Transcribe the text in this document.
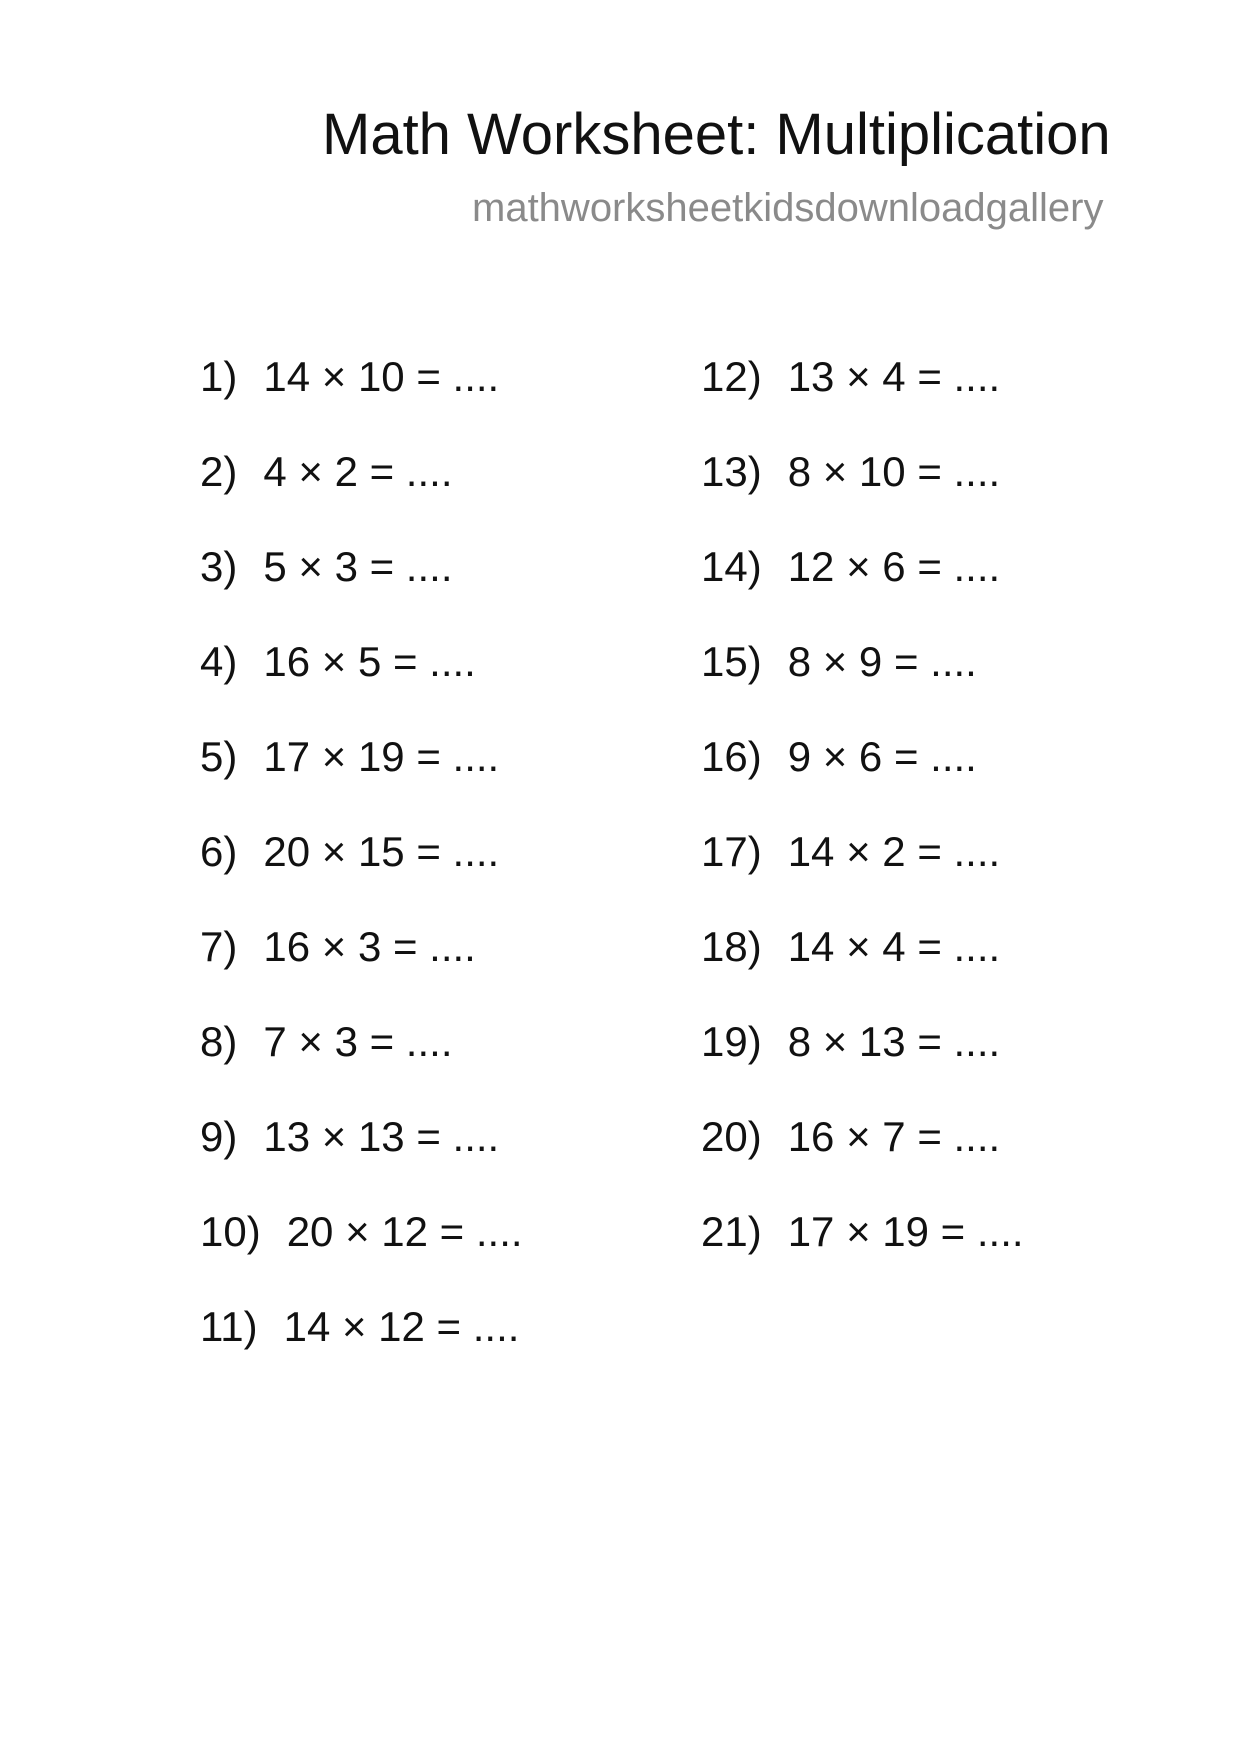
Math Worksheet: Multiplication
mathworksheetkidsdownloadgallery
1) 14 × 10 = ....
2) 4 × 2 = ....
3) 5 × 3 = ....
4) 16 × 5 = ....
5) 17 × 19 = ....
6) 20 × 15 = ....
7) 16 × 3 = ....
8) 7 × 3 = ....
9) 13 × 13 = ....
10) 20 × 12 = ....
11) 14 × 12 = ....
12) 13 × 4 = ....
13) 8 × 10 = ....
14) 12 × 6 = ....
15) 8 × 9 = ....
16) 9 × 6 = ....
17) 14 × 2 = ....
18) 14 × 4 = ....
19) 8 × 13 = ....
20) 16 × 7 = ....
21) 17 × 19 = ....
